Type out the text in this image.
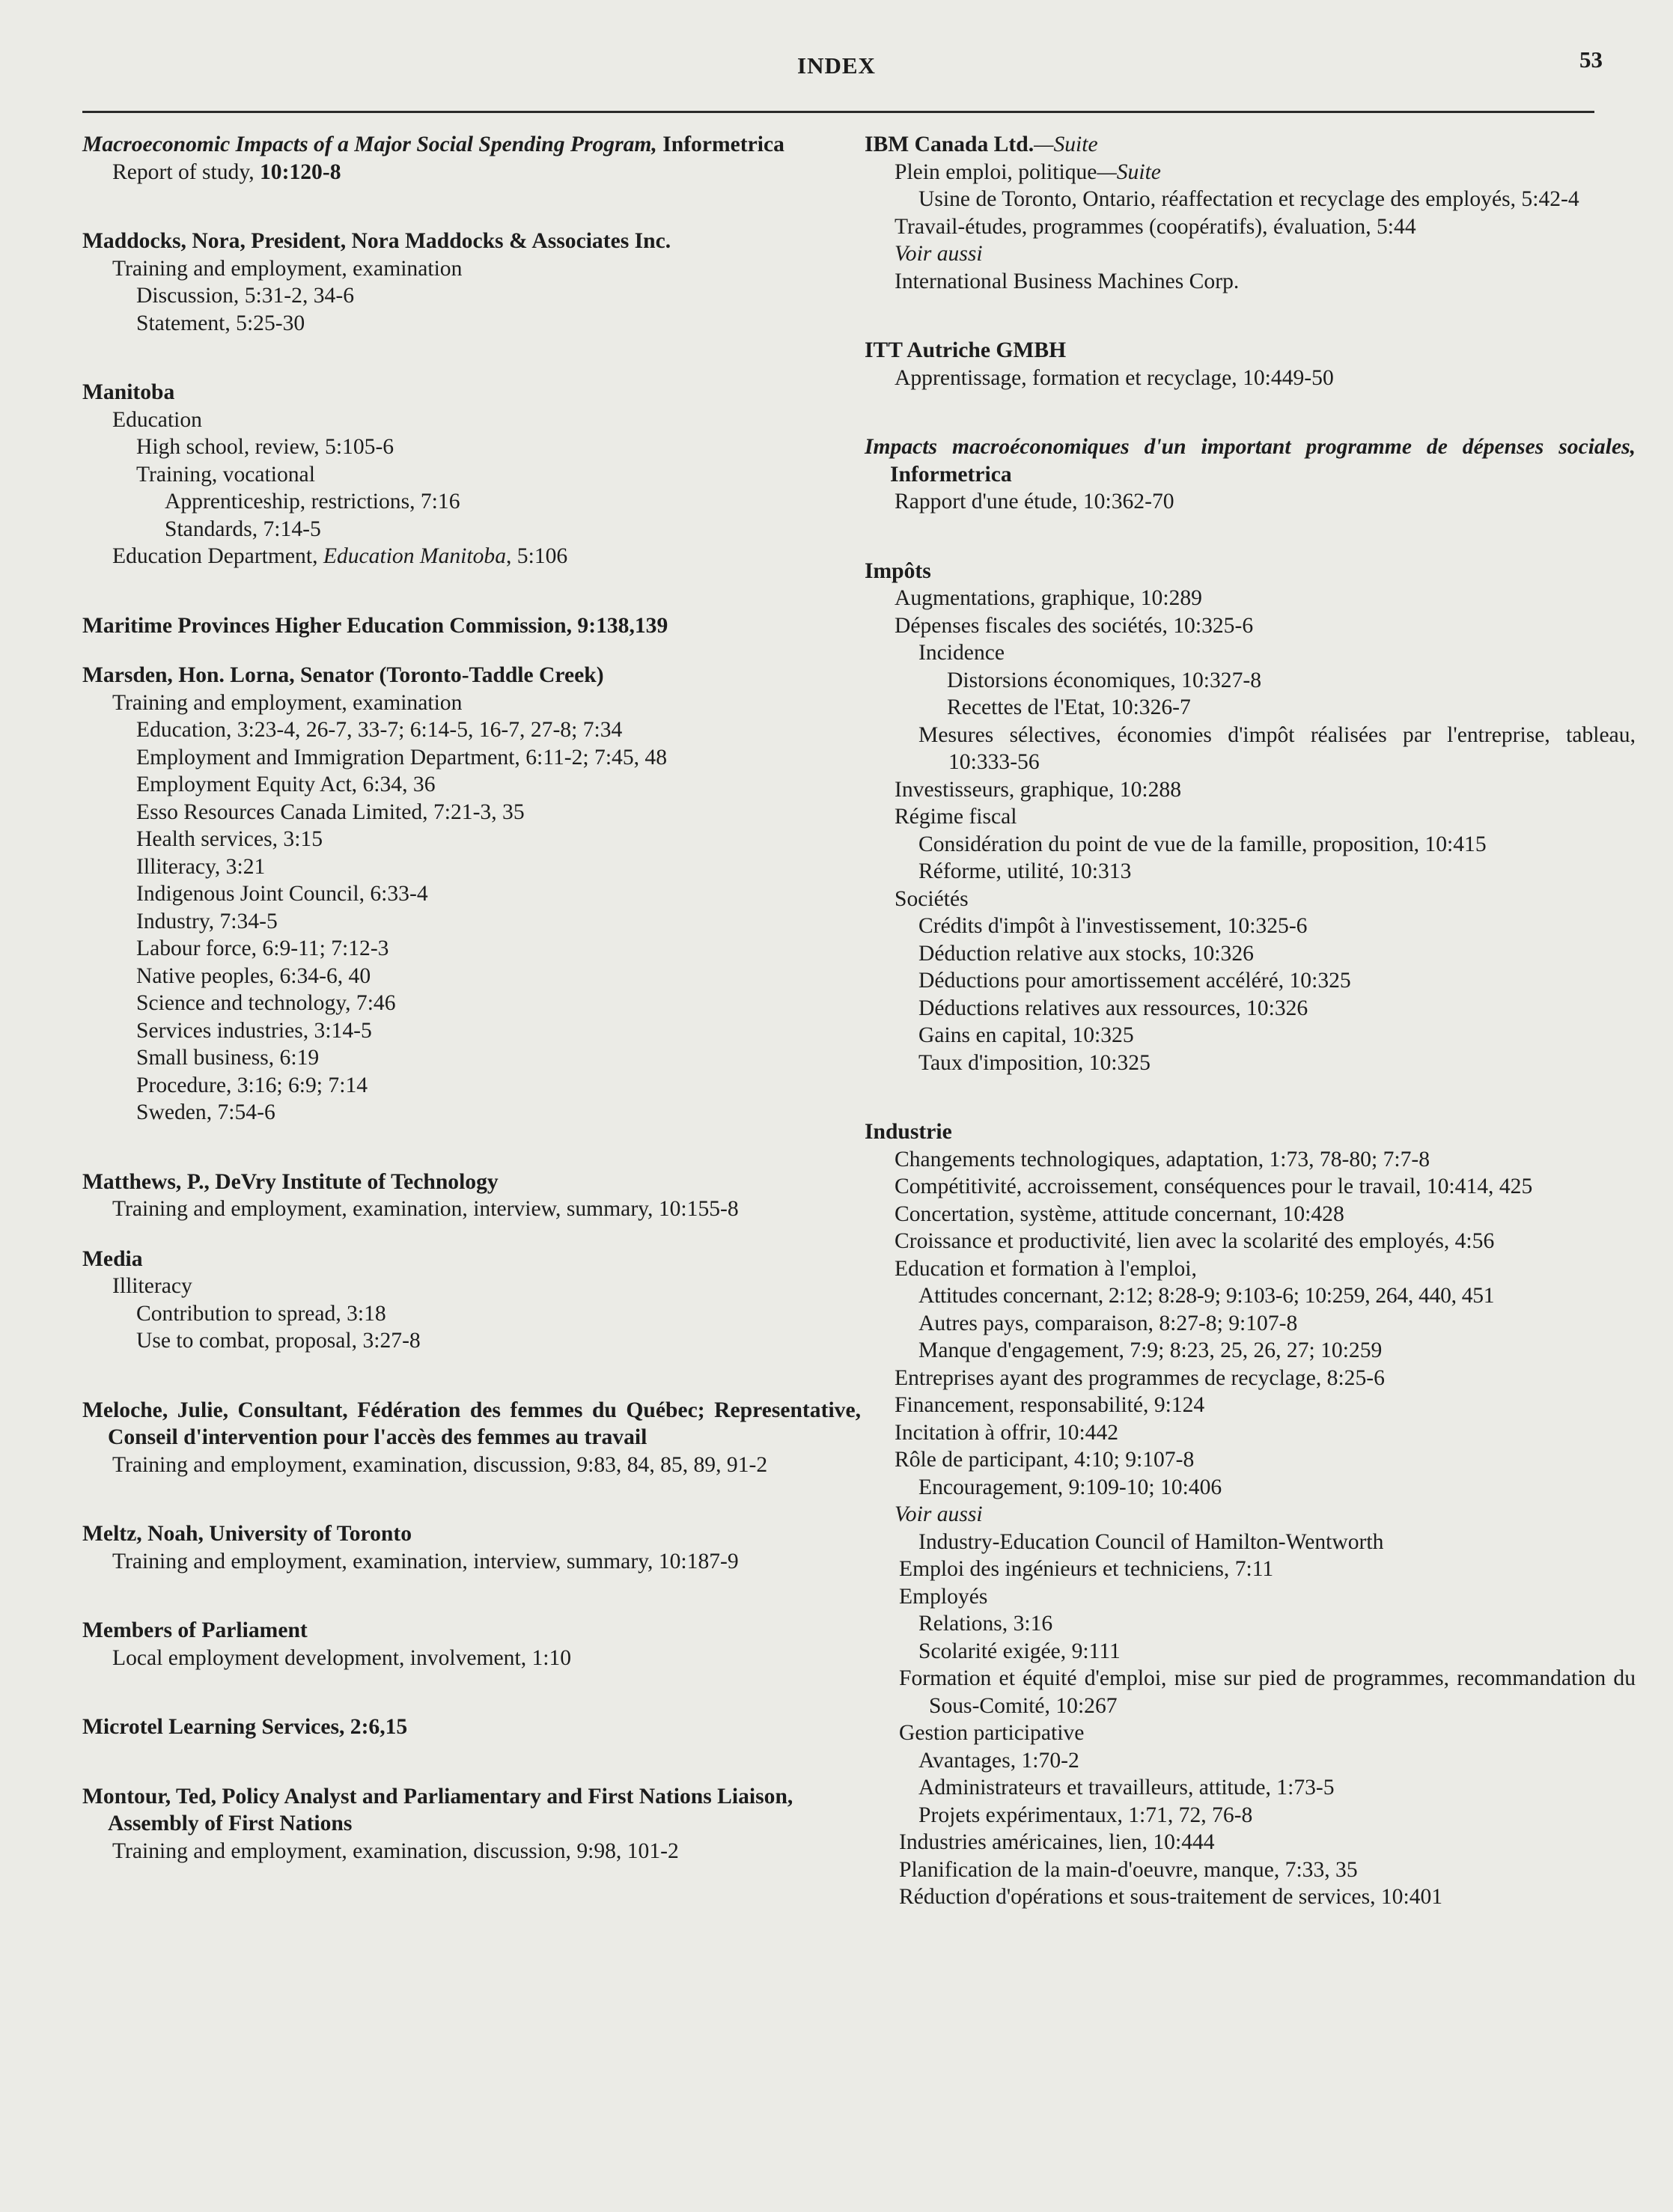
INDEX	53
Macroeconomic Impacts of a Major Social Spending Program, Informetrica
Report of study, 10:120-8
Maddocks, Nora, President, Nora Maddocks & Associates Inc.
Training and employment, examination
Discussion, 5:31-2, 34-6
Statement, 5:25-30
Manitoba
Education
High school, review, 5:105-6
Training, vocational
Apprenticeship, restrictions, 7:16
Standards, 7:14-5
Education Department, Education Manitoba, 5:106
Maritime Provinces Higher Education Commission, 9:138,139
Marsden, Hon. Lorna, Senator (Toronto-Taddle Creek)
Training and employment, examination
Education, 3:23-4, 26-7, 33-7; 6:14-5, 16-7, 27-8; 7:34
Employment and Immigration Department, 6:11-2; 7:45, 48
Employment Equity Act, 6:34, 36
Esso Resources Canada Limited, 7:21-3, 35
Health services, 3:15
Illiteracy, 3:21
Indigenous Joint Council, 6:33-4
Industry, 7:34-5
Labour force, 6:9-11; 7:12-3
Native peoples, 6:34-6, 40
Science and technology, 7:46
Services industries, 3:14-5
Small business, 6:19
Procedure, 3:16; 6:9; 7:14
Sweden, 7:54-6
Matthews, P., DeVry Institute of Technology
Training and employment, examination, interview, summary, 10:155-8
Media
Illiteracy
Contribution to spread, 3:18
Use to combat, proposal, 3:27-8
Meloche, Julie, Consultant, Fédération des femmes du Québec; Representative, Conseil d'intervention pour l'accès des femmes au travail
Training and employment, examination, discussion, 9:83, 84, 85, 89, 91-2
Meltz, Noah, University of Toronto
Training and employment, examination, interview, summary, 10:187-9
Members of Parliament
Local employment development, involvement, 1:10
Microtel Learning Services, 2:6,15
Montour, Ted, Policy Analyst and Parliamentary and First Nations Liaison, Assembly of First Nations
Training and employment, examination, discussion, 9:98, 101-2
IBM Canada Ltd.—Suite
Plein emploi, politique—Suite
Usine de Toronto, Ontario, réaffectation et recyclage des employés, 5:42-4
Travail-études, programmes (coopératifs), évaluation, 5:44
Voir aussi
International Business Machines Corp.
ITT Autriche GMBH
Apprentissage, formation et recyclage, 10:449-50
Impacts macroéconomiques d'un important programme de dépenses sociales, Informetrica
Rapport d'une étude, 10:362-70
Impôts
Augmentations, graphique, 10:289
Dépenses fiscales des sociétés, 10:325-6
Incidence
Distorsions économiques, 10:327-8
Recettes de l'Etat, 10:326-7
Mesures sélectives, économies d'impôt réalisées par l'entreprise, tableau, 10:333-56
Investisseurs, graphique, 10:288
Régime fiscal
Considération du point de vue de la famille, proposition, 10:415
Réforme, utilité, 10:313
Sociétés
Crédits d'impôt à l'investissement, 10:325-6
Déduction relative aux stocks, 10:326
Déductions pour amortissement accéléré, 10:325
Déductions relatives aux ressources, 10:326
Gains en capital, 10:325
Taux d'imposition, 10:325
Industrie
Changements technologiques, adaptation, 1:73, 78-80; 7:7-8
Compétitivité, accroissement, conséquences pour le travail, 10:414, 425
Concertation, système, attitude concernant, 10:428
Croissance et productivité, lien avec la scolarité des employés, 4:56
Education et formation à l'emploi,
Attitudes concernant, 2:12; 8:28-9; 9:103-6; 10:259, 264, 440, 451
Autres pays, comparaison, 8:27-8; 9:107-8
Manque d'engagement, 7:9; 8:23, 25, 26, 27; 10:259
Entreprises ayant des programmes de recyclage, 8:25-6
Financement, responsabilité, 9:124
Incitation à offrir, 10:442
Rôle de participant, 4:10; 9:107-8
Encouragement, 9:109-10; 10:406
Voir aussi
Industry-Education Council of Hamilton-Wentworth
Emploi des ingénieurs et techniciens, 7:11
Employés
Relations, 3:16
Scolarité exigée, 9:111
Formation et équité d'emploi, mise sur pied de programmes, recommandation du Sous-Comité, 10:267
Gestion participative
Avantages, 1:70-2
Administrateurs et travailleurs, attitude, 1:73-5
Projets expérimentaux, 1:71, 72, 76-8
Industries américaines, lien, 10:444
Planification de la main-d'oeuvre, manque, 7:33, 35
Réduction d'opérations et sous-traitement de services, 10:401
